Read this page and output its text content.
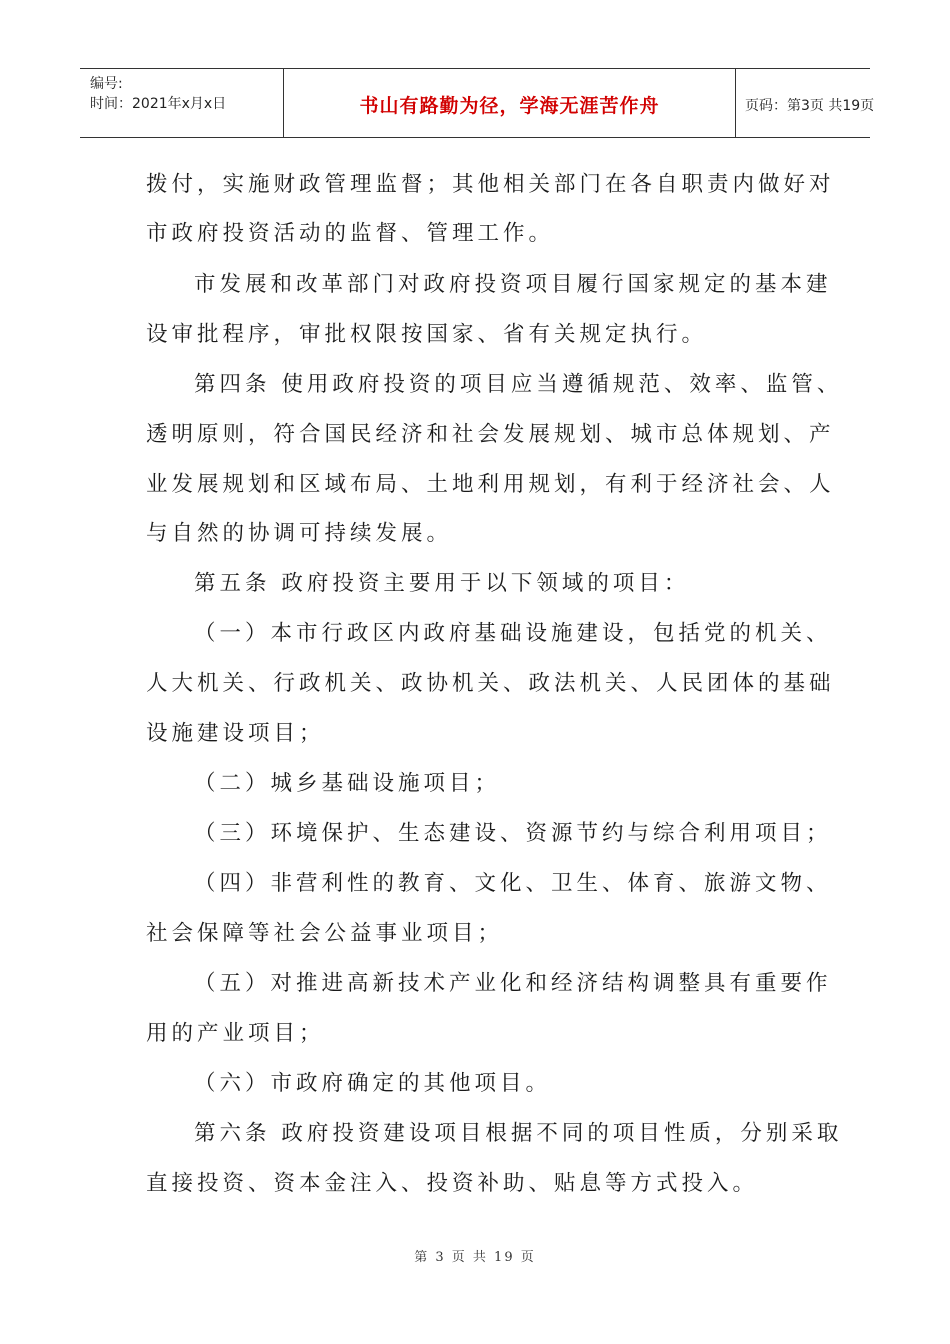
编号:
时间：2021年x月x日	书山有路勤为径，学海无涯苦作舟	页码：第3页 共19页
拨付，实施财政管理监督；其他相关部门在各自职责内做好对
市政府投资活动的监督、管理工作。
市发展和改革部门对政府投资项目履行国家规定的基本建
设审批程序，审批权限按国家、省有关规定执行。
第四条 使用政府投资的项目应当遵循规范、效率、监管、
透明原则，符合国民经济和社会发展规划、城市总体规划、产
业发展规划和区域布局、土地利用规划，有利于经济社会、人
与自然的协调可持续发展。
第五条 政府投资主要用于以下领域的项目：
（一）本市行政区内政府基础设施建设，包括党的机关、
人大机关、行政机关、政协机关、政法机关、人民团体的基础
设施建设项目；
（二）城乡基础设施项目；
（三）环境保护、生态建设、资源节约与综合利用项目；
（四）非营利性的教育、文化、卫生、体育、旅游文物、
社会保障等社会公益事业项目；
（五）对推进高新技术产业化和经济结构调整具有重要作
用的产业项目；
（六）市政府确定的其他项目。
第六条 政府投资建设项目根据不同的项目性质，分别采取
直接投资、资本金注入、投资补助、贴息等方式投入。
第 3 页 共 19 页
